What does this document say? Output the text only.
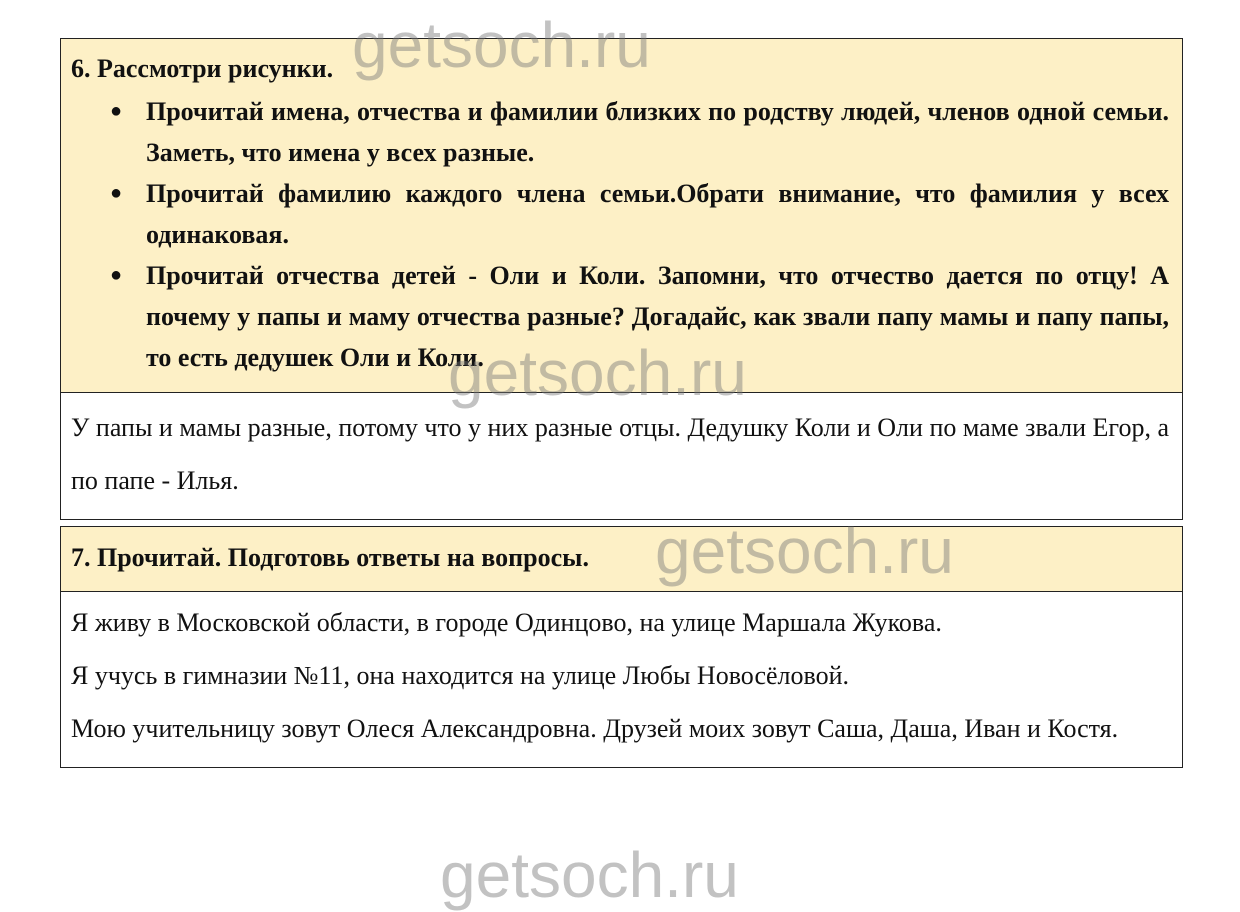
6. Рассмотри рисунки.
● Прочитай имена, отчества и фамилии близких по родству людей, членов одной семьи. Заметь, что имена у всех разные.
● Прочитай фамилию каждого члена семьи.Обрати внимание, что фамилия у всех одинаковая.
● Прочитай отчества детей - Оли и Коли. Запомни, что отчество дается по отцу! А почему у папы и маму отчества разные? Догадайс, как звали папу мамы и папу папы, то есть дедушек Оли и Коли.

У папы и мамы разные, потому что у них разные отцы. Дедушку Коли и Оли по маме звали Егор, а по папе - Илья.

7. Прочитай. Подготовь ответы на вопросы.

Я живу в Московской области, в городе Одинцово, на улице Маршала Жукова.

Я учусь в гимназии №11, она находится на улице Любы Новосёловой.

Мою учительницу зовут Олеся Александровна. Друзей моих зовут Саша, Даша, Иван и Костя.

getsoch.ru
getsoch.ru
getsoch.ru
getsoch.ru
